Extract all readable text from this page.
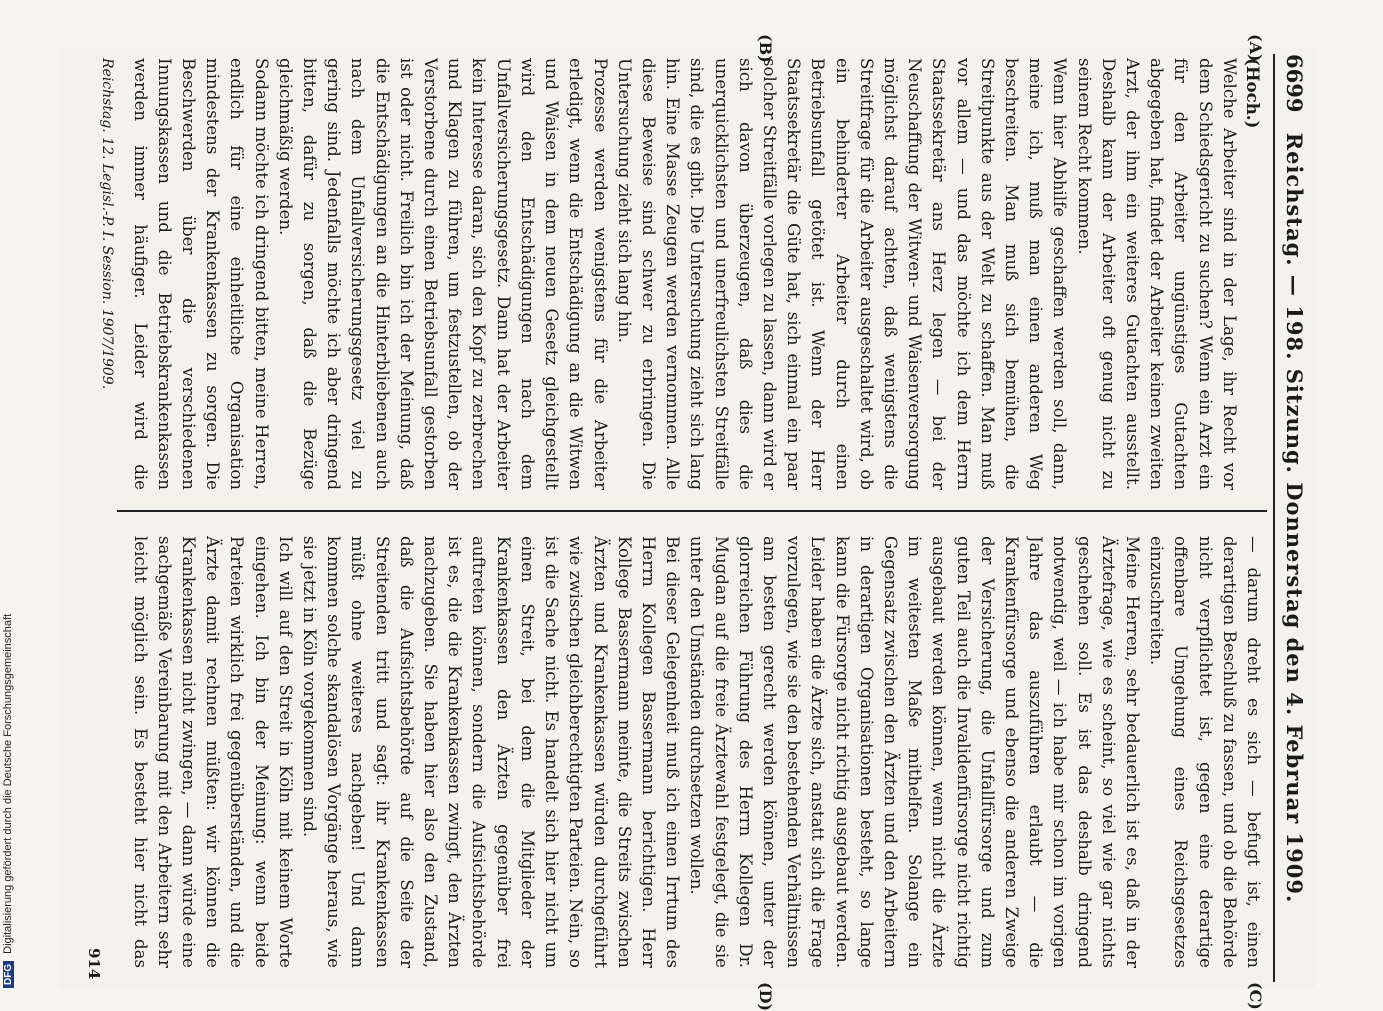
6699
Reichstag. — 198. Sitzung. Donnerstag den 4. Februar 1909.
(A)
(B)
(C)
(D)

(Hoch.)

Welche Arbeiter sind in der Lage, ihr Recht vor dem Schiedsgericht zu suchen? Wenn ein Arzt ein für den Arbeiter ungünstiges Gutachten abgegeben hat, findet der Arbeiter keinen zweiten Arzt, der ihm ein weiteres Gutachten ausstellt. Deshalb kann der Arbeiter oft genug nicht zu seinem Recht kommen.

Wenn hier Abhilfe geschaffen werden soll, dann, meine ich, muß man einen anderen Weg beschreiten. Man muß sich bemühen, die Streitpunkte aus der Welt zu schaffen. Man muß vor allem — und das möchte ich dem Herrn Staatssekretär ans Herz legen — bei der Neuschaffung der Witwen- und Waisenversorgung möglichst darauf achten, daß wenigstens die Streitfrage für die Arbeiter ausgeschaltet wird, ob ein behinderter Arbeiter durch einen Betriebsunfall getötet ist. Wenn der Herr Staatssekretär die Güte hat, sich einmal ein paar solcher Streitfälle vorlegen zu lassen, dann wird er sich davon überzeugen, daß dies die unerquicklichsten und unerfreulichsten Streitfälle sind, die es gibt. Die Untersuchung zieht sich lang hin. Eine Masse Zeugen werden vernommen. Alle diese Beweise sind schwer zu erbringen. Die Untersuchung zieht sich lang hin.

Prozesse werden wenigstens für die Arbeiter erledigt, wenn die Entschädigung an die Witwen und Waisen in dem neuen Gesetz gleichgestellt wird den Entschädigungen nach dem Unfallversicherungsgesetz. Dann hat der Arbeiter kein Interesse daran, sich den Kopf zu zerbrechen und Klagen zu führen, um festzustellen, ob der Verstorbene durch einen Betriebsunfall gestorben ist oder nicht. Freilich bin ich der Meinung, daß die Entschädigungen an die Hinterbliebenen auch nach dem Unfallversicherungsgesetz viel zu gering sind. Jedenfalls möchte ich aber dringend bitten, dafür zu sorgen, daß die Bezüge gleichmäßig werden.

Sodann möchte ich dringend bitten, meine Herren, endlich für eine einheitliche Organisation mindestens der Krankenkassen zu sorgen. Die Beschwerden über die verschiedenen Innungskassen und die Betriebskrankenkassen werden immer häufiger. Leider wird die

— darum dreht es sich — befugt ist, einen derartigen Beschluß zu fassen, und ob die Behörde nicht verpflichtet ist, gegen eine derartige offenbare Umgehung eines Reichsgesetzes einzuschreiten.

Meine Herren, sehr bedauerlich ist es, daß in der Ärztefrage, wie es scheint, so viel wie gar nichts geschehen soll. Es ist das deshalb dringend notwendig, weil — ich habe mir schon im vorigen Jahre das auszuführen erlaubt — die Krankenfürsorge und ebenso die anderen Zweige der Versicherung, die Unfallfürsorge und zum guten Teil auch die Invalidenfürsorge nicht richtig ausgebaut werden können, wenn nicht die Ärzte im weitesten Maße mithelfen. Solange ein Gegensatz zwischen den Ärzten und den Arbeitern in derartigen Organisationen besteht, so lange kann die Fürsorge nicht richtig ausgebaut werden. Leider haben die Ärzte sich, anstatt sich die Frage vorzulegen, wie sie den bestehenden Verhältnissen am besten gerecht werden können, unter der glorreichen Führung des Herrn Kollegen Dr. Mugdan auf die freie Ärztewahl festgelegt, die sie unter den Umständen durchsetzen wollen.

Bei dieser Gelegenheit muß ich einen Irrtum des Herrn Kollegen Bassermann berichtigen. Herr Kollege Bassermann meinte, die Streits zwischen Ärzten und Krankenkassen würden durchgeführt wie zwischen gleichberechtigten Parteien. Nein, so ist die Sache nicht. Es handelt sich hier nicht um einen Streit, bei dem die Mitglieder der Krankenkassen den Ärzten gegenüber frei auftreten können, sondern die Aufsichtsbehörde ist es, die die Krankenkassen zwingt, den Ärzten nachzugeben. Sie haben hier also den Zustand, daß die Aufsichtsbehörde auf die Seite der Streitenden tritt und sagt: ihr Krankenkassen müßt ohne weiteres nachgeben! Und dann kommen solche skandalösen Vorgänge heraus, wie sie jetzt in Köln vorgekommen sind.

Ich will auf den Streit in Köln mit keinem Worte eingehen. Ich bin der Meinung: wenn beide Parteien wirklich frei gegenüberständen, und die Ärzte damit rechnen müßten: wir können die Krankenkassen nicht zwingen, — dann würde eine sachgemäße Vereinbarung mit den Arbeitern sehr leicht möglich sein. Es besteht hier nicht das

Reichstag. 12. Legisl.-P. I. Session. 1907/1909.
914
DFG Digitalisierung gefördert durch die Deutsche Forschungsgemeinschaft
